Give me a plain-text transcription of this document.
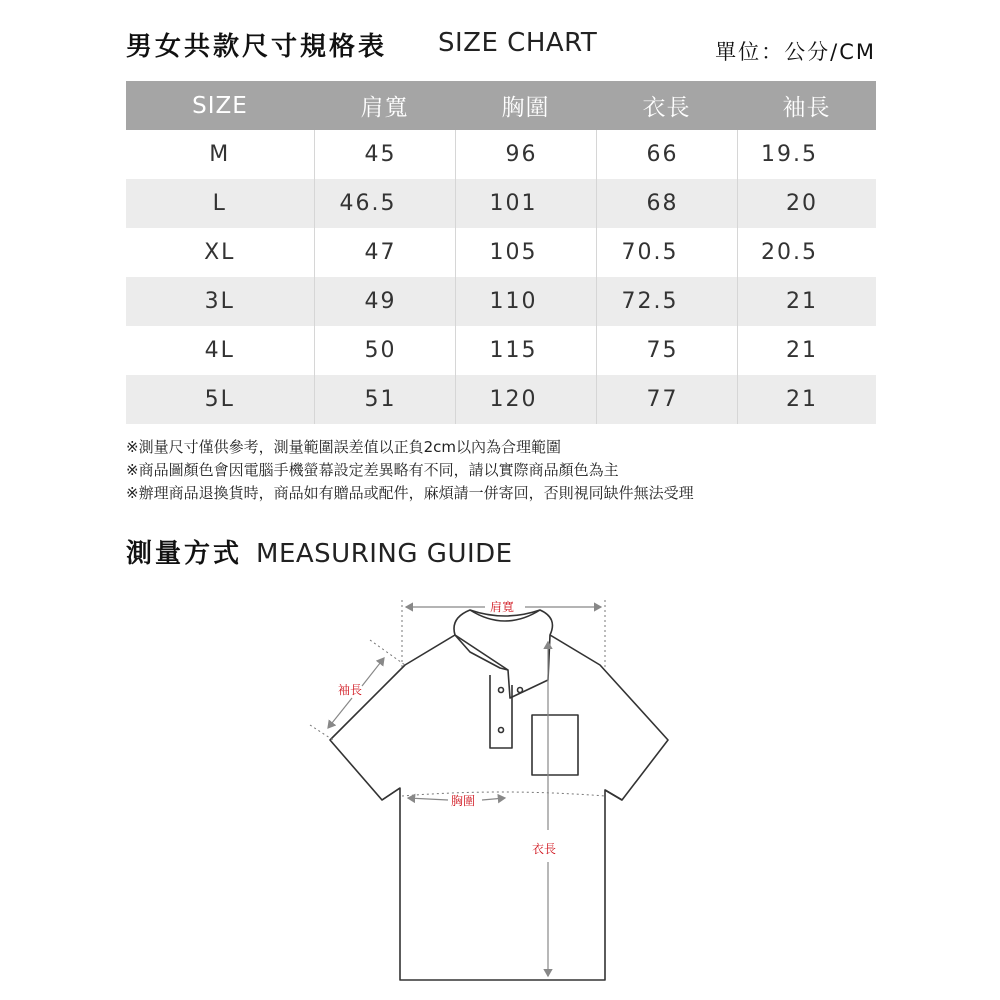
男女共款尺寸規格表 SIZE CHART	單位：公分/CM
SIZE	肩寬	胸圍	衣長	袖長
M	45	96	66	19.5
L	46.5	101	68	20
XL	47	105	70.5	20.5
3L	49	110	72.5	21
4L	50	115	75	21
5L	51	120	77	21
※測量尺寸僅供參考，測量範圍誤差值以正負2cm以內為合理範圍
※商品圖顏色會因電腦手機螢幕設定差異略有不同，請以實際商品顏色為主
※辦理商品退換貨時，商品如有贈品或配件，麻煩請一併寄回，否則視同缺件無法受理
測量方式 MEASURING GUIDE
肩寬
袖長
胸圍
衣長
